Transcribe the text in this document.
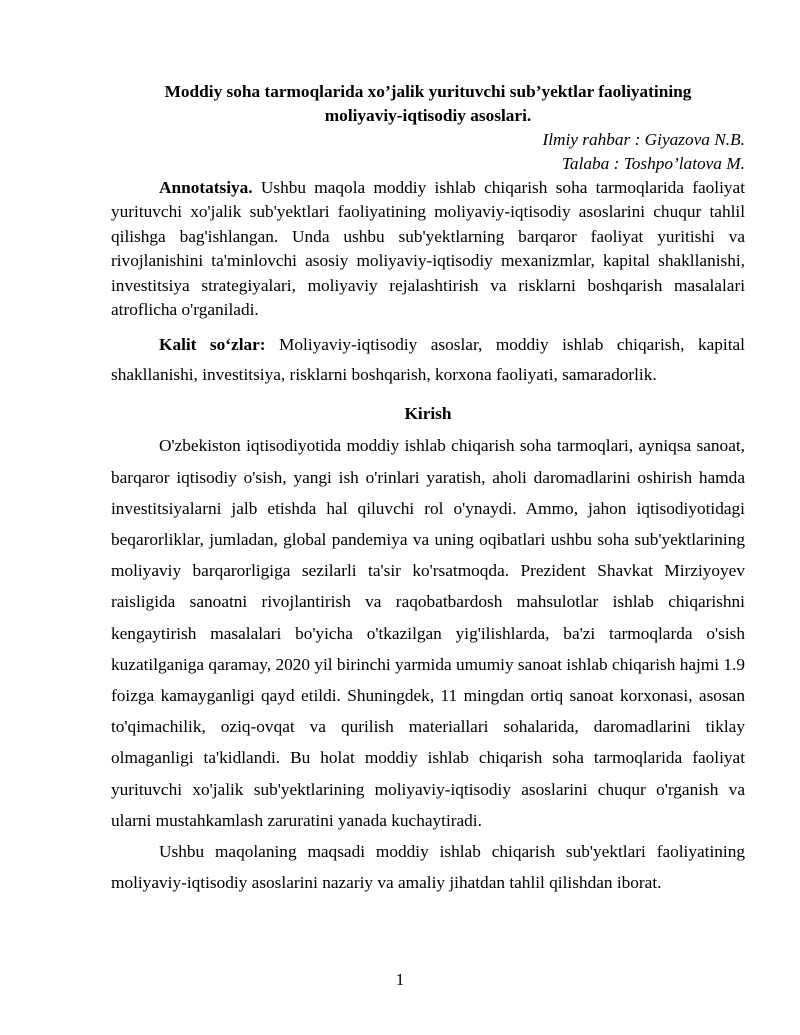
Moddiy soha tarmoqlarida xo’jalik yurituvchi sub’yektlar faoliyatining
moliyaviy-iqtisodiy asoslari.

Ilmiy rahbar : Giyazova N.B.

Talaba : Toshpo’latova M.

Annotatsiya. Ushbu maqola moddiy ishlab chiqarish soha tarmoqlarida faoliyat yurituvchi xo'jalik sub'yektlari faoliyatining moliyaviy-iqtisodiy asoslarini chuqur tahlil qilishga bag'ishlangan. Unda ushbu sub'yektlarning barqaror faoliyat yuritishi va rivojlanishini ta'minlovchi asosiy moliyaviy-iqtisodiy mexanizmlar, kapital shakllanishi, investitsiya strategiyalari, moliyaviy rejalashtirish va risklarni boshqarish masalalari atroflicha o'rganiladi.

Kalit so‘zlar: Moliyaviy-iqtisodiy asoslar, moddiy ishlab chiqarish, kapital shakllanishi, investitsiya, risklarni boshqarish, korxona faoliyati, samaradorlik.

Kirish

O'zbekiston iqtisodiyotida moddiy ishlab chiqarish soha tarmoqlari, ayniqsa sanoat, barqaror iqtisodiy o'sish, yangi ish o'rinlari yaratish, aholi daromadlarini oshirish hamda investitsiyalarni jalb etishda hal qiluvchi rol o'ynaydi. Ammo, jahon iqtisodiyotidagi beqarorliklar, jumladan, global pandemiya va uning oqibatlari ushbu soha sub'yektlarining moliyaviy barqarorligiga sezilarli ta'sir ko'rsatmoqda. Prezident Shavkat Mirziyoyev raisligida sanoatni rivojlantirish va raqobatbardosh mahsulotlar ishlab chiqarishni kengaytirish masalalari bo'yicha o'tkazilgan yig'ilishlarda, ba'zi tarmoqlarda o'sish kuzatilganiga qaramay, 2020 yil birinchi yarmida umumiy sanoat ishlab chiqarish hajmi 1.9 foizga kamayganligi qayd etildi. Shuningdek, 11 mingdan ortiq sanoat korxonasi, asosan to'qimachilik, oziq-ovqat va qurilish materiallari sohalarida, daromadlarini tiklay olmaganligi ta'kidlandi. Bu holat moddiy ishlab chiqarish soha tarmoqlarida faoliyat yurituvchi xo'jalik sub'yektlarining moliyaviy-iqtisodiy asoslarini chuqur o'rganish va ularni mustahkamlash zaruratini yanada kuchaytiradi.

Ushbu maqolaning maqsadi moddiy ishlab chiqarish sub'yektlari faoliyatining moliyaviy-iqtisodiy asoslarini nazariy va amaliy jihatdan tahlil qilishdan iborat.

1
